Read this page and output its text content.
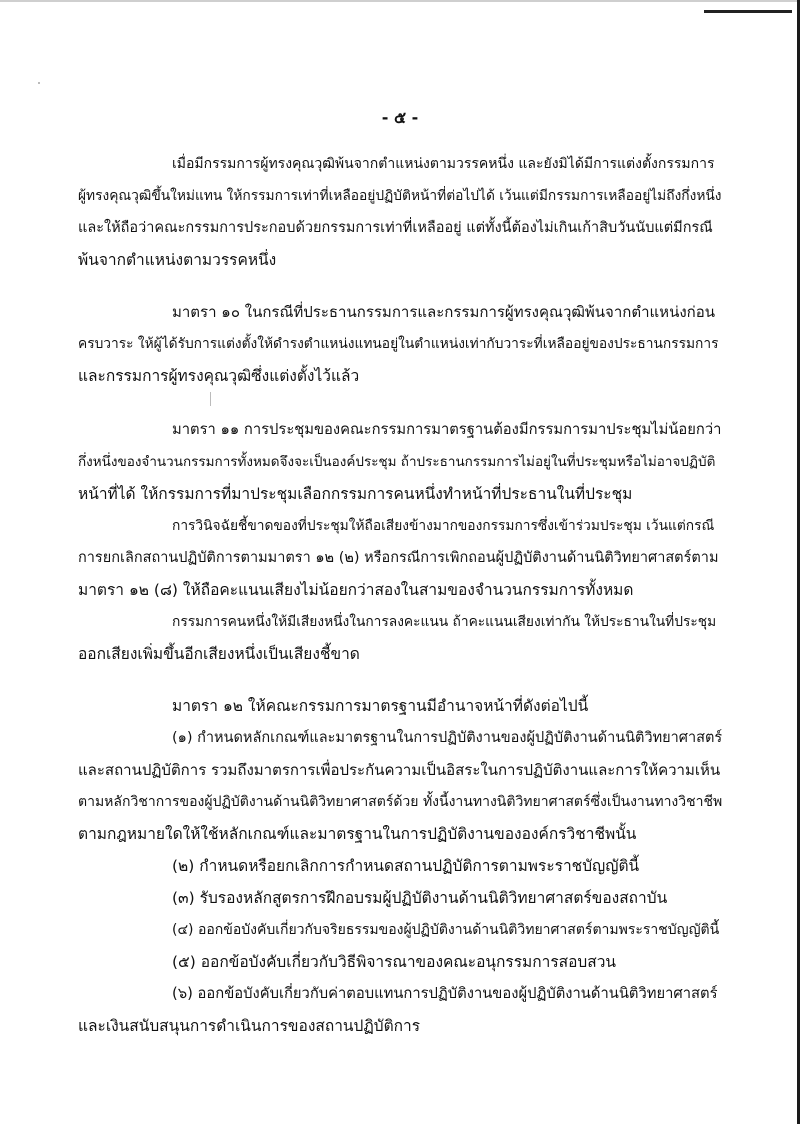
- ๕ -
เมื่อมีกรรมการผู้ทรงคุณวุฒิพ้นจากตำแหน่งตามวรรคหนึ่ง และยังมิได้มีการแต่งตั้งกรรมการ
ผู้ทรงคุณวุฒิขึ้นใหม่แทน ให้กรรมการเท่าที่เหลืออยู่ปฏิบัติหน้าที่ต่อไปได้ เว้นแต่มีกรรมการเหลืออยู่ไม่ถึงกึ่งหนึ่ง
และให้ถือว่าคณะกรรมการประกอบด้วยกรรมการเท่าที่เหลืออยู่ แต่ทั้งนี้ต้องไม่เกินเก้าสิบวันนับแต่มีกรณี
พ้นจากตำแหน่งตามวรรคหนึ่ง
มาตรา ๑๐ ในกรณีที่ประธานกรรมการและกรรมการผู้ทรงคุณวุฒิพ้นจากตำแหน่งก่อน
ครบวาระ ให้ผู้ได้รับการแต่งตั้งให้ดำรงตำแหน่งแทนอยู่ในตำแหน่งเท่ากับวาระที่เหลืออยู่ของประธานกรรมการ
และกรรมการผู้ทรงคุณวุฒิซึ่งแต่งตั้งไว้แล้ว
มาตรา ๑๑ การประชุมของคณะกรรมการมาตรฐานต้องมีกรรมการมาประชุมไม่น้อยกว่า
กึ่งหนึ่งของจำนวนกรรมการทั้งหมดจึงจะเป็นองค์ประชุม ถ้าประธานกรรมการไม่อยู่ในที่ประชุมหรือไม่อาจปฏิบัติ
หน้าที่ได้ ให้กรรมการที่มาประชุมเลือกกรรมการคนหนึ่งทำหน้าที่ประธานในที่ประชุม
การวินิจฉัยชี้ขาดของที่ประชุมให้ถือเสียงข้างมากของกรรมการซึ่งเข้าร่วมประชุม เว้นแต่กรณี
การยกเลิกสถานปฏิบัติการตามมาตรา ๑๒ (๒) หรือกรณีการเพิกถอนผู้ปฏิบัติงานด้านนิติวิทยาศาสตร์ตาม
มาตรา ๑๒ (๘) ให้ถือคะแนนเสียงไม่น้อยกว่าสองในสามของจำนวนกรรมการทั้งหมด
กรรมการคนหนึ่งให้มีเสียงหนึ่งในการลงคะแนน ถ้าคะแนนเสียงเท่ากัน ให้ประธานในที่ประชุม
ออกเสียงเพิ่มขึ้นอีกเสียงหนึ่งเป็นเสียงชี้ขาด
มาตรา ๑๒ ให้คณะกรรมการมาตรฐานมีอำนาจหน้าที่ดังต่อไปนี้
(๑) กำหนดหลักเกณฑ์และมาตรฐานในการปฏิบัติงานของผู้ปฏิบัติงานด้านนิติวิทยาศาสตร์
และสถานปฏิบัติการ รวมถึงมาตรการเพื่อประกันความเป็นอิสระในการปฏิบัติงานและการให้ความเห็น
ตามหลักวิชาการของผู้ปฏิบัติงานด้านนิติวิทยาศาสตร์ด้วย ทั้งนี้งานทางนิติวิทยาศาสตร์ซึ่งเป็นงานทางวิชาชีพ
ตามกฎหมายใดให้ใช้หลักเกณฑ์และมาตรฐานในการปฏิบัติงานขององค์กรวิชาชีพนั้น
(๒) กำหนดหรือยกเลิกการกำหนดสถานปฏิบัติการตามพระราชบัญญัตินี้
(๓) รับรองหลักสูตรการฝึกอบรมผู้ปฏิบัติงานด้านนิติวิทยาศาสตร์ของสถาบัน
(๔) ออกข้อบังคับเกี่ยวกับจริยธรรมของผู้ปฏิบัติงานด้านนิติวิทยาศาสตร์ตามพระราชบัญญัตินี้
(๕) ออกข้อบังคับเกี่ยวกับวิธีพิจารณาของคณะอนุกรรมการสอบสวน
(๖) ออกข้อบังคับเกี่ยวกับค่าตอบแทนการปฏิบัติงานของผู้ปฏิบัติงานด้านนิติวิทยาศาสตร์
และเงินสนับสนุนการดำเนินการของสถานปฏิบัติการ
